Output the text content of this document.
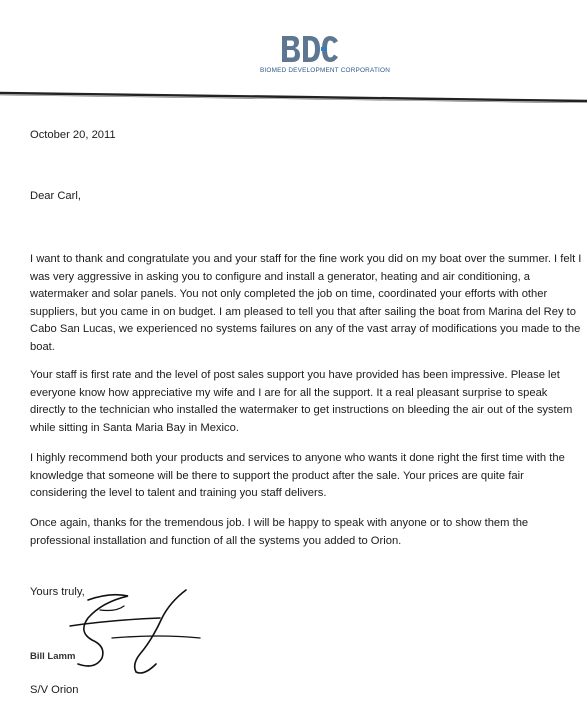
BIOMED DEVELOPMENT CORPORATION
October 20, 2011
Dear Carl,

I want to thank and congratulate you and your staff for the fine work you did on my boat over the summer. I felt I was very aggressive in asking you to configure and install a generator, heating and air conditioning, a watermaker and solar panels. You not only completed the job on time, coordinated your efforts with other suppliers, but you came in on budget. I am pleased to tell you that after sailing the boat from Marina del Rey to Cabo San Lucas, we experienced no systems failures on any of the vast array of modifications you made to the boat.

Your staff is first rate and the level of post sales support you have provided has been impressive. Please let everyone know how appreciative my wife and I are for all the support. It a real pleasant surprise to speak directly to the technician who installed the watermaker to get instructions on bleeding the air out of the system while sitting in Santa Maria Bay in Mexico.

I highly recommend both your products and services to anyone who wants it done right the first time with the knowledge that someone will be there to support the product after the sale. Your prices are quite fair considering the level to talent and training you staff delivers.

Once again, thanks for the tremendous job. I will be happy to speak with anyone or to show them the professional installation and function of all the systems you added to Orion.

Yours truly,
Bill Lamm
S/V Orion
